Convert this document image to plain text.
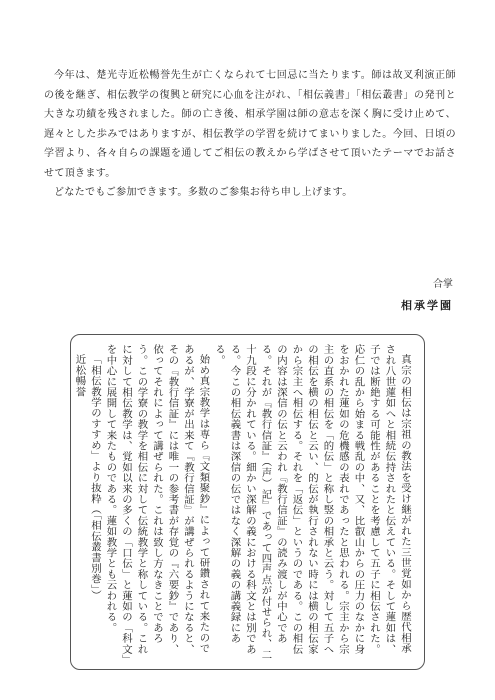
今年は、楚光寺近松暢誉先生が亡くなられて七回忌に当たります。師は故叉利演正師の後を継ぎ、相伝教学の復興と研究に心血を注がれ、「相伝義書」「相伝叢書」の発刊と大きな功績を残されました。師の亡き後、相承学園は師の意志を深く胸に受け止めて、遅々とした歩みではありますが、相伝教学の学習を続けてまいりました。今回、日頃の学習より、各々自らの課題を通してご相伝の教えから学ばさせて頂いたテーマでお話させて頂きます。

どなたでもご参加できます。多数のご参集お待ち申し上げます。

合掌
相承学園

真宗の相伝は宗祖の教法を受け継がれた三世覚如から歴代相承され八世蓮如へと相続伝持されたと伝えている。そして蓮如は、子では断絶する可能性があることを考慮して五子に相伝された。応仁の乱から始まる戦乱の中、又、比叡山からの圧力のなかに身をおかれた蓮如の危機感の表れであったと思われる。宗主から宗主の直系の相伝を「的伝」と称し竪の相承と云う。対して五子への相伝を横の相伝と云い、的伝が執行されない時には横の相伝家から宗主へ相伝する。それを「返伝」というのである。この相伝の内容は深信の伝と云われ『教行信証』の読み渡しが中心である。それが『教行信証』（声）記』であって四声点が付せられ、二十九段に分かれている。細かい深解の義における科文とは別である。今この相伝義書は深信の伝ではなく深解の義の講義録にある。

始め真宗教学は専ら『文類聚鈔』によって研鑽されて来たのであるが、学寮が出来て『教行信証』が講ぜられるようになると、その『教行信証』には唯一の参考書が存覚の『六要鈔』であり、依ってそれによって講ぜられた。これは致し方なきことであろう。この学寮の教学を相伝に対して伝統教学と称している。これに対して相伝教学は、覚如以来の多くの「口伝」と蓮如の「科文」を中心に展開して来たものである。蓮如教学とも云われる。

「相伝教学のすすめ」より抜粋（「相伝叢書別巻」）

近松暢誉
